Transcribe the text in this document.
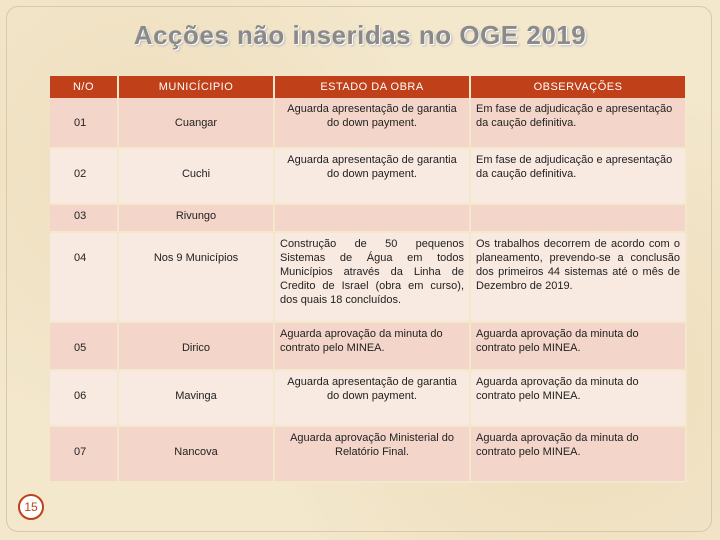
Acções não inseridas no OGE 2019
N/O	MUNICÍCIPIO	ESTADO DA OBRA	OBSERVAÇÕES
01	Cuangar	Aguarda apresentação de garantia do down payment.	Em fase de adjudicação e apresentação da caução definitiva.
02	Cuchi	Aguarda apresentação de garantia do down payment.	Em fase de adjudicação e apresentação da caução definitiva.
03	Rivungo		
04	Nos 9 Municípios	Construção de 50 pequenos Sistemas de Água em todos Municípios através da Linha de Credito de Israel (obra em curso), dos quais 18 concluídos.	Os trabalhos decorrem de acordo com o planeamento, prevendo-se a conclusão dos primeiros 44 sistemas até o mês de Dezembro de 2019.
05	Dirico	Aguarda aprovação da minuta do contrato pelo MINEA.	Aguarda aprovação da minuta do contrato pelo MINEA.
06	Mavinga	Aguarda apresentação de garantia do down payment.	Aguarda aprovação da minuta do contrato pelo MINEA.
07	Nancova	Aguarda aprovação Ministerial do Relatório Final.	Aguarda aprovação da minuta do contrato pelo MINEA.
15
